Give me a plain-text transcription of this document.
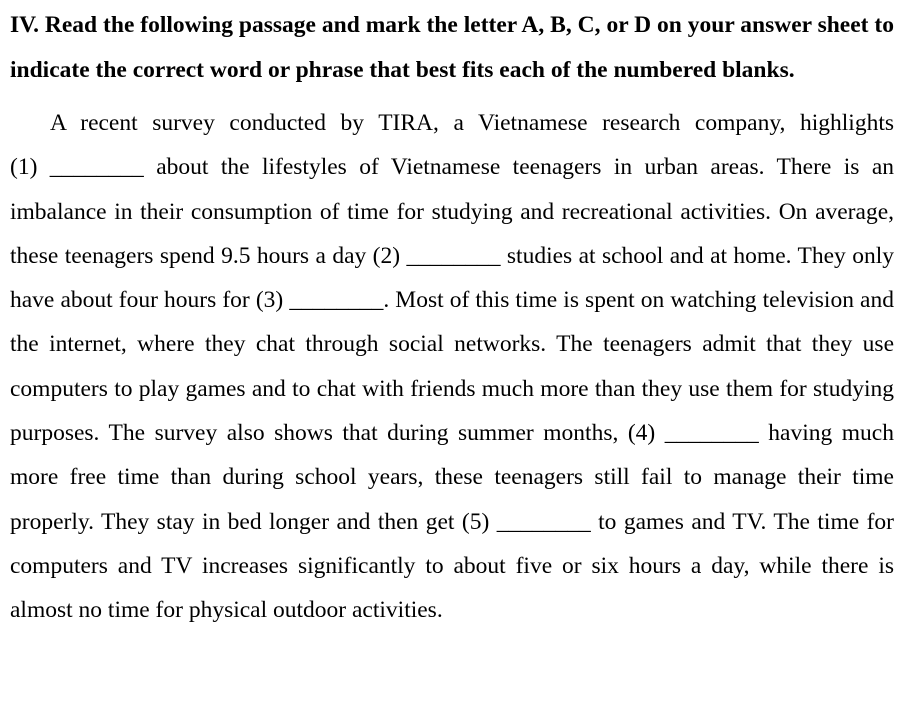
IV. Read the following passage and mark the letter A, B, C, or D on your answer sheet to indicate the correct word or phrase that best fits each of the numbered blanks.

A recent survey conducted by TIRA, a Vietnamese research company, highlights (1) ________ about the lifestyles of Vietnamese teenagers in urban areas. There is an imbalance in their consumption of time for studying and recreational activities. On average, these teenagers spend 9.5 hours a day (2) ________ studies at school and at home. They only have about four hours for (3) ________. Most of this time is spent on watching television and the internet, where they chat through social networks. The teenagers admit that they use computers to play games and to chat with friends much more than they use them for studying purposes. The survey also shows that during summer months, (4) ________ having much more free time than during school years, these teenagers still fail to manage their time properly. They stay in bed longer and then get (5) ________ to games and TV. The time for computers and TV increases significantly to about five or six hours a day, while there is almost no time for physical outdoor activities.
